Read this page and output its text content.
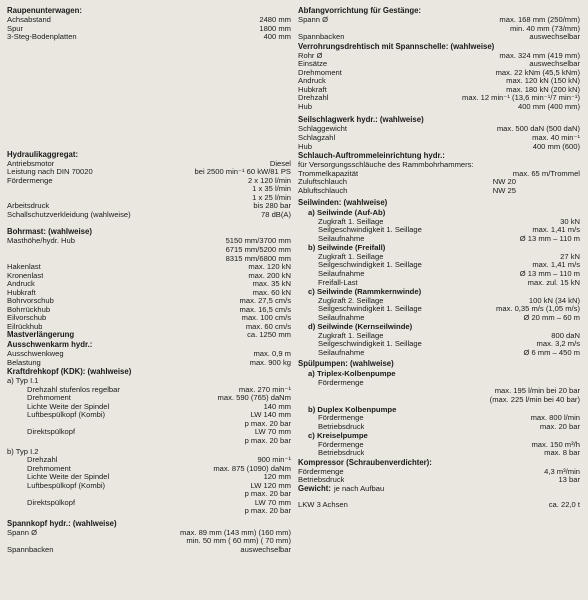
Raupenunterwagen:
Achsabstand	2480 mm
Spur	1800 mm
3-Steg-Bodenplatten	400 mm
Hydraulikaggregat:
Antriebsmotor	Diesel
Leistung nach DIN 70020	bei 2500 min⁻¹ 60 kW/81 PS
Fördermenge	2 x 120 l/min
1 x 35 l/min
1 x 25 l/min
Arbeitsdruck	bis 280 bar
Schallschutzverkleidung (wahlweise)	78 dB(A)
Bohrmast: (wahlweise)
Masthöhe/hydr. Hub	5150 mm/3700 mm
6715 mm/5200 mm
8315 mm/6800 mm
Hakenlast	max. 120 kN
Kronenlast	max. 200 kN
Andruck	max. 35 kN
Hubkraft	max. 60 kN
Bohrvorschub	max. 27,5 cm/s
Bohrrückhub	max. 16,5 cm/s
Eilvorschub	max. 100 cm/s
Eilrückhub	max. 60 cm/s
Mastverlängerung	ca. 1250 mm
Ausschwenkarm hydr.:
Ausschwenkweg	max. 0,9 m
Belastung	max. 900 kg
Kraftdrehkopf (KDK): (wahlweise)
a) Typ I.1
Drehzahl stufenlos regelbar	max. 270 min⁻¹
Drehmoment	max. 590 (765) daNm
Lichte Weite der Spindel	140 mm
Luftbespülkopf (Kombi)	LW 140 mm
p max. 20 bar
Direktspülkopf	LW 70 mm
p max. 20 bar
b) Typ I.2
Drehzahl	900 min⁻¹
Drehmoment	max. 875 (1090) daNm
Lichte Weite der Spindel	120 mm
Luftbespülkopf (Kombi)	LW 120 mm
p max. 20 bar
Direktspülkopf	LW 70 mm
p max. 20 bar
Spannkopf hydr.: (wahlweise)
Spann Ø	max. 89 mm (143 mm) (160 mm)
min. 50 mm ( 60 mm) ( 70 mm)
Spannbacken	auswechselbar
Abfangvorrichtung für Gestänge:
Spann Ø	max. 168 mm (250/mm)
min. 40 mm (73/mm)
Spannbacken	auswechselbar
Verrohrungsdrehtisch mit Spannschelle: (wahlweise)
Rohr Ø	max. 324 mm (419 mm)
Einsätze	auswechselbar
Drehmoment	max. 22 kNm (45,5 kNm)
Andruck	max. 120 kN (150 kN)
Hubkraft	max. 180 kN (200 kN)
Drehzahl	max. 12 min⁻¹ (13,6 min⁻¹/7 min⁻¹)
Hub	400 mm (400 mm)
Seilschlagwerk hydr.: (wahlweise)
Schlaggewicht	max. 500 daN (500 daN)
Schlagzahl	max. 40 min⁻¹
Hub	400 mm (600)
Schlauch-Auftrommeleinrichtung hydr.:
für Versorgungsschläuche des Rammbohrhammers:
Trommelkapazität	max. 65 m/Trommel
Zuluftschlauch	NW 20
Abluftschlauch	NW 25
Seilwinden: (wahlweise)
a) Seilwinde (Auf-Ab)
Zugkraft 1. Seillage	30 kN
Seilgeschwindigkeit 1. Seillage	max. 1,41 m/s
Seilaufnahme	Ø 13 mm – 110 m
b) Seilwinde (Freifall)
Zugkraft 1. Seillage	27 kN
Seilgeschwindigkeit 1. Seillage	max. 1,41 m/s
Seilaufnahme	Ø 13 mm – 110 m
Freifall-Last	max. zul. 15 kN
c) Seilwinde (Rammkernwinde)
Zugkraft 2. Seillage	100 kN (34 kN)
Seilgeschwindigkeit 1. Seillage	max. 0,35 m/s (1,05 m/s)
Seilaufnahme	Ø 20 mm – 60 m
d) Seilwinde (Kernseilwinde)
Zugkraft 1. Seillage	800 daN
Seilgeschwindigkeit 1. Seillage	max. 3,2 m/s
Seilaufnahme	Ø 6 mm – 450 m
Spülpumpen: (wahlweise)
a) Triplex-Kolbenpumpe
Fördermenge
max. 195 l/min bei 20 bar
(max. 225 l/min bei 40 bar)
b) Duplex Kolbenpumpe
Fördermenge	max. 800 l/min
Betriebsdruck	max. 20 bar
c) Kreiselpumpe
Fördermenge	max. 150 m³/h
Betriebsdruck	max. 8 bar
Kompressor (Schraubenverdichter):
Fördermenge	4,3 m³/min
Betriebsdruck	13 bar
Gewicht: je nach Aufbau
LKW 3 Achsen	ca. 22,0 t
